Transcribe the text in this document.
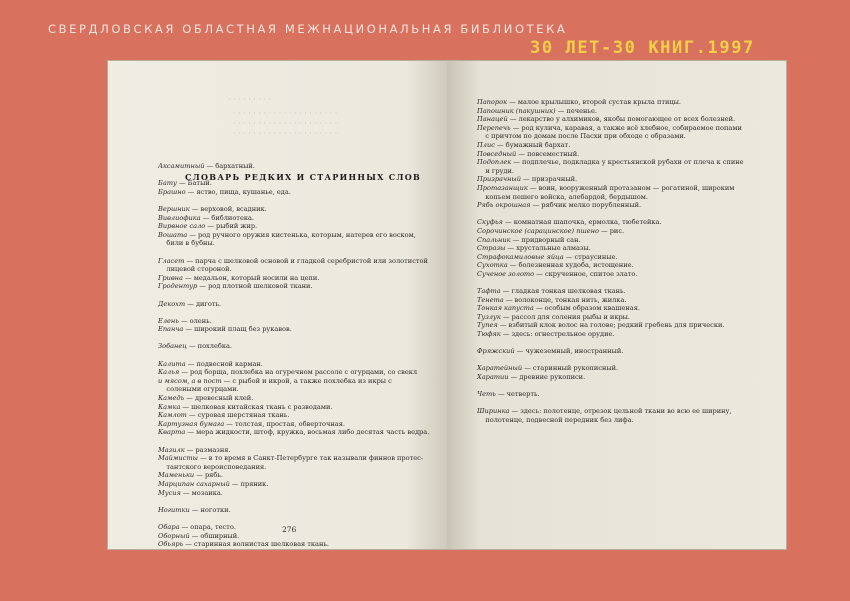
СВЕРДЛОВСКАЯ ОБЛАСТНАЯ МЕЖНАЦИОНАЛЬНАЯ БИБЛИОТЕКА
30 ЛЕТ-30 КНИГ.1997
· · · · · · · · ·
· · · · · · · · · · · · · · · · · · · · ·
· · · · · · · · · · · · · · · · · · · · ·
· · · · · · · · · · · · · · · · · · · · ·
СЛОВАРЬ РЕДКИХ И СТАРИННЫХ СЛОВ
Аксамитный — бархатный.
Бату — Батый.
Брашно — яство, пища, кушанье, еда.
Вершник — верховой, всадник.
Вивлиофика — библиотека.
Вирвное сало — рыбий жир.
Вошата — род ручного оружия кистенька, которым, натерев его воском,
били в бубны.
Гласет — парча с шелковой основой и гладкой серебристой или золотистой
лицевой стороной.
Гривна — медальон, который носили на цепи.
Гродентур — род плотной шелковой ткани.
Декохт — диготь.
Елень — олень.
Епанча — широкий плащ без рукавов.
Зобанец — похлебка.
Калита — подвесной карман.
Калья — род борща, похлебка на огуречном рассоле с огурцами, со свекл
и мясом, а в пост — с рыбой и икрой, а также похлебка из икры с
солеными огурцами.
Камедь — древесный клей.
Камка — шелковая китайская ткань с разводами.
Камлот — суровая шерстяная ткань.
Картузная бумага — толстая, простая, обверточная.
Кварта — мера жидкости, штоф, кружка, восьмая либо десятая часть ведра.
Мазилк — размазня.
Маймисты — в то время в Санкт-Петербурге так называли финнов протес-
тантского вероисповедания.
Маменьки — рябь.
Марципан сахарный — пряник.
Мусия — мозаика.
Ногитки — ноготки.
Обара — опара, тесто.
Оборный — обширный.
Обьярь — старинная волнистая шелковая ткань.
276
Папорок — малое крылышко, второй сустав крыла птицы.
Папошник (пакушник) — печенье.
Панацей — лекарство у алхимиков, якобы помогающее от всех болезней.
Перепечь — род кулича, каравая, а также всё хлебное, собираемое попами
с причтом по домам после Пасхи при обходе с образами.
Плис — бумажный бархат.
Повседный — повсеместный.
Подоплек — подплечье, подкладка у крестьянской рубахи от плеча к спине
и груди.
Призрачный — призрачный.
Протазанщик — воин, вооруженный протазаном — рогатиной, широким
копьем пешего войска, алебардой, бердышом.
Рябь окрошная — рябчик мелко порубленный.
Скуфья — комнатная шапочка, ермолка, тюбетейка.
Сорочинское (сарацинское) пшено — рис.
Спальник — придворный сан.
Стразы — хрустальные алмазы.
Страфокамиловые яйца — страусиные.
Сухотка — болезненная худоба, истощение.
Сученое золото — скрученное, спитое злато.
Тафта — гладкая тонкая шелковая ткань.
Тенета — волоконце, тонкая нить, жилка.
Тонкая капуста — особым образом квашеная.
Тузлук — рассол для соления рыбы и икры.
Тупея — взбитый клок волос на голове; редкий гребень для прически.
Тюфяк — здесь: огнестрельное орудие.
Фряжский — чужеземный, иностранный.
Харатейный — старинный рукописный.
Харатии — древние рукописи.
Четь — четверть.
Ширинка — здесь: полотенце, отрезок цельной ткани во всю ее ширину,
полотенце, подвесной передник без лифа.
